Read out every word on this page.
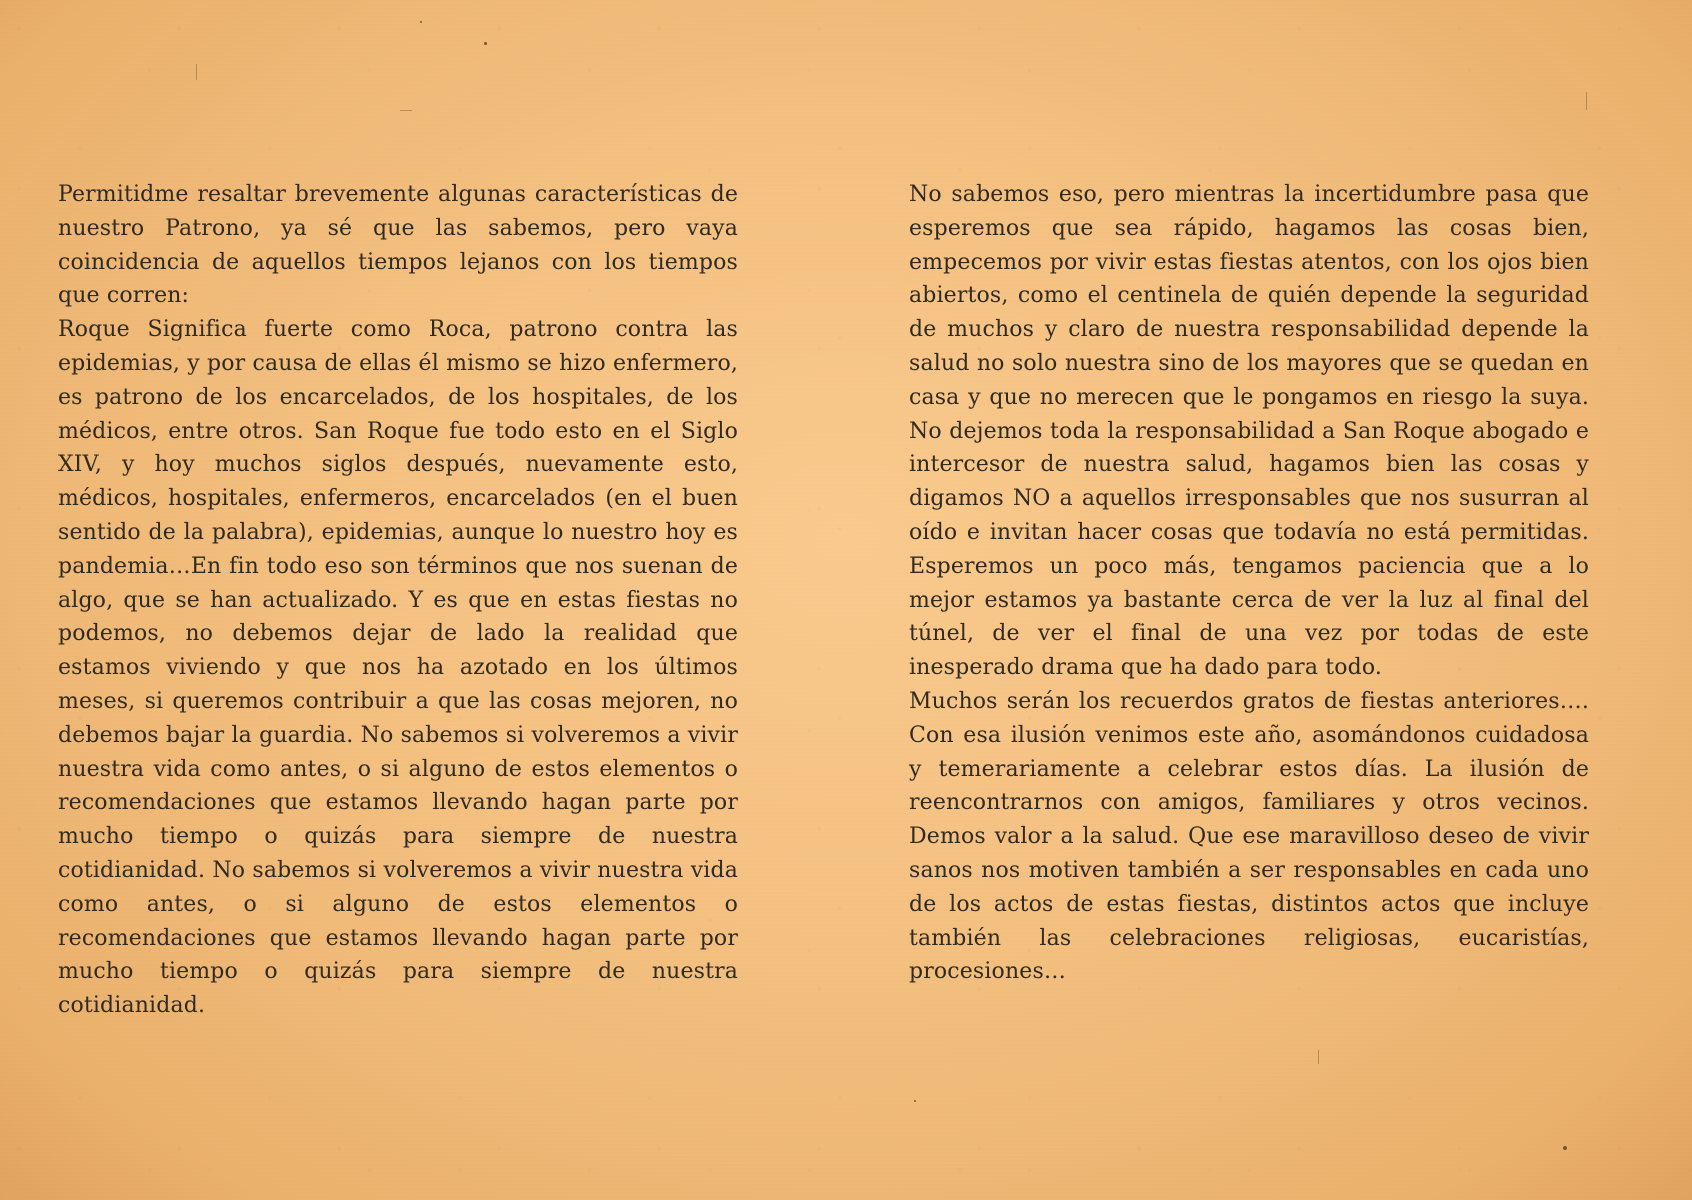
Permitidme resaltar brevemente algunas características de nuestro Patrono, ya sé que las sabemos, pero vaya coincidencia de aquellos tiempos lejanos con los tiempos que corren:

Roque Significa fuerte como Roca, patrono contra las epidemias, y por causa de ellas él mismo se hizo enfermero, es patrono de los encarcelados, de los hospitales, de los médicos, entre otros. San Roque fue todo esto en el Siglo XIV, y hoy muchos siglos después, nuevamente esto, médicos, hospitales, enfermeros, encarcelados (en el buen sentido de la palabra), epidemias, aunque lo nuestro hoy es pandemia…En fin todo eso son términos que nos suenan de algo, que se han actualizado. Y es que en estas fiestas no podemos, no debemos dejar de lado la realidad que estamos viviendo y que nos ha azotado en los últimos meses, si queremos contribuir a que las cosas mejoren, no debemos bajar la guardia. No sabemos si volveremos a vivir nuestra vida como antes, o si alguno de estos elementos o recomendaciones que estamos llevando hagan parte por mucho tiempo o quizás para siempre de nuestra cotidianidad. No sabemos si volveremos a vivir nuestra vida como antes, o si alguno de estos elementos o recomendaciones que estamos llevando hagan parte por mucho tiempo o quizás para siempre de nuestra cotidianidad.

No sabemos eso, pero mientras la incertidumbre pasa que esperemos que sea rápido, hagamos las cosas bien, empecemos por vivir estas fiestas atentos, con los ojos bien abiertos, como el centinela de quién depende la seguridad de muchos y claro de nuestra responsabilidad depende la salud no solo nuestra sino de los mayores que se quedan en casa y que no merecen que le pongamos en riesgo la suya. No dejemos toda la responsabilidad a San Roque abogado e intercesor de nuestra salud, hagamos bien las cosas y digamos NO a aquellos irresponsables que nos susurran al oído e invitan hacer cosas que todavía no está permitidas. Esperemos un poco más, tengamos paciencia que a lo mejor estamos ya bastante cerca de ver la luz al final del túnel, de ver el final de una vez por todas de este inesperado drama que ha dado para todo.

Muchos serán los recuerdos gratos de fiestas anteriores…. Con esa ilusión venimos este año, asomándonos cuidadosa y temerariamente a celebrar estos días. La ilusión de reencontrarnos con amigos, familiares y otros vecinos. Demos valor a la salud. Que ese maravilloso deseo de vivir sanos nos motiven también a ser responsables en cada uno de los actos de estas fiestas, distintos actos que incluye también las celebraciones religiosas, eucaristías, procesiones…
